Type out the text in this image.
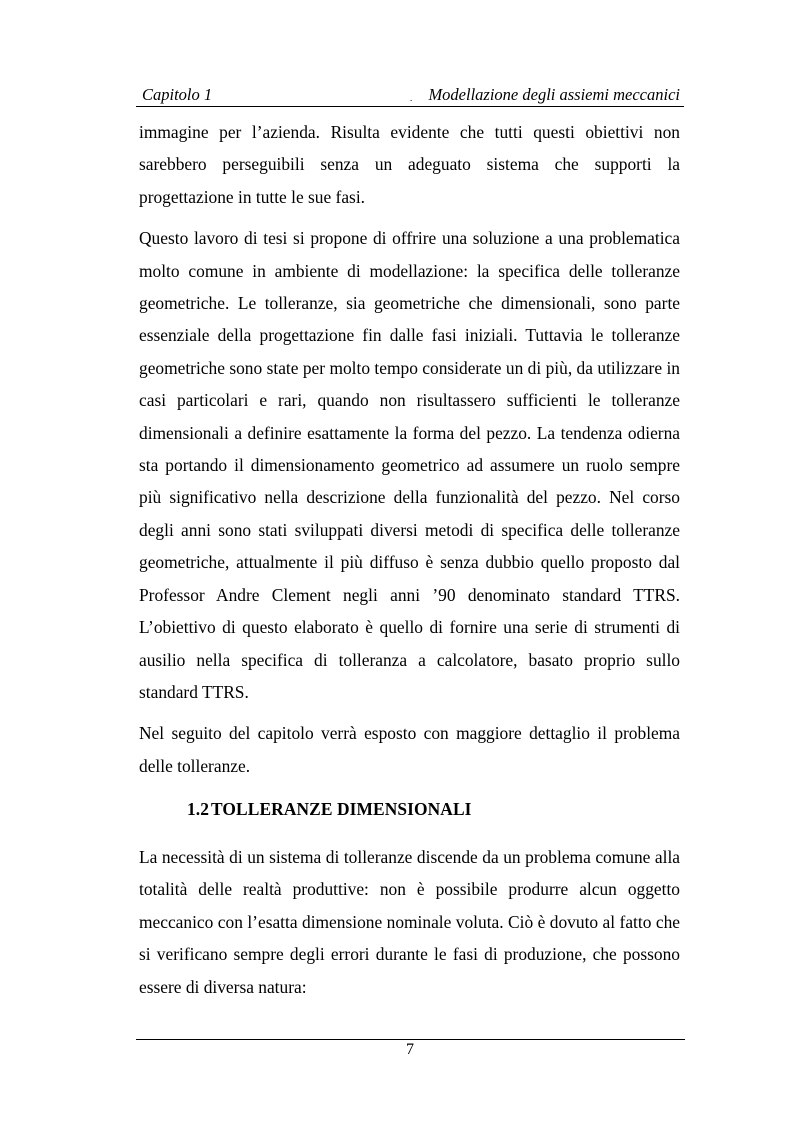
Capitolo 1	. Modellazione degli assiemi meccanici

immagine per l’azienda. Risulta evidente che tutti questi obiettivi non sarebbero perseguibili senza un adeguato sistema che supporti la progettazione in tutte le sue fasi.

Questo lavoro di tesi si propone di offrire una soluzione a una problematica molto comune in ambiente di modellazione: la specifica delle tolleranze geometriche. Le tolleranze, sia geometriche che dimensionali, sono parte essenziale della progettazione fin dalle fasi iniziali. Tuttavia le tolleranze geometriche sono state per molto tempo considerate un di più, da utilizzare in casi particolari e rari, quando non risultassero sufficienti le tolleranze dimensionali a definire esattamente la forma del pezzo. La tendenza odierna sta portando il dimensionamento geometrico ad assumere un ruolo sempre più significativo nella descrizione della funzionalità del pezzo. Nel corso degli anni sono stati sviluppati diversi metodi di specifica delle tolleranze geometriche, attualmente il più diffuso è senza dubbio quello proposto dal Professor Andre Clement negli anni ’90 denominato standard TTRS. L’obiettivo di questo elaborato è quello di fornire una serie di strumenti di ausilio nella specifica di tolleranza a calcolatore, basato proprio sullo standard TTRS.

Nel seguito del capitolo verrà esposto con maggiore dettaglio il problema delle tolleranze.

1.2 TOLLERANZE DIMENSIONALI

La necessità di un sistema di tolleranze discende da un problema comune alla totalità delle realtà produttive: non è possibile produrre alcun oggetto meccanico con l’esatta dimensione nominale voluta. Ciò è dovuto al fatto che si verificano sempre degli errori durante le fasi di produzione, che possono essere di diversa natura:

7
